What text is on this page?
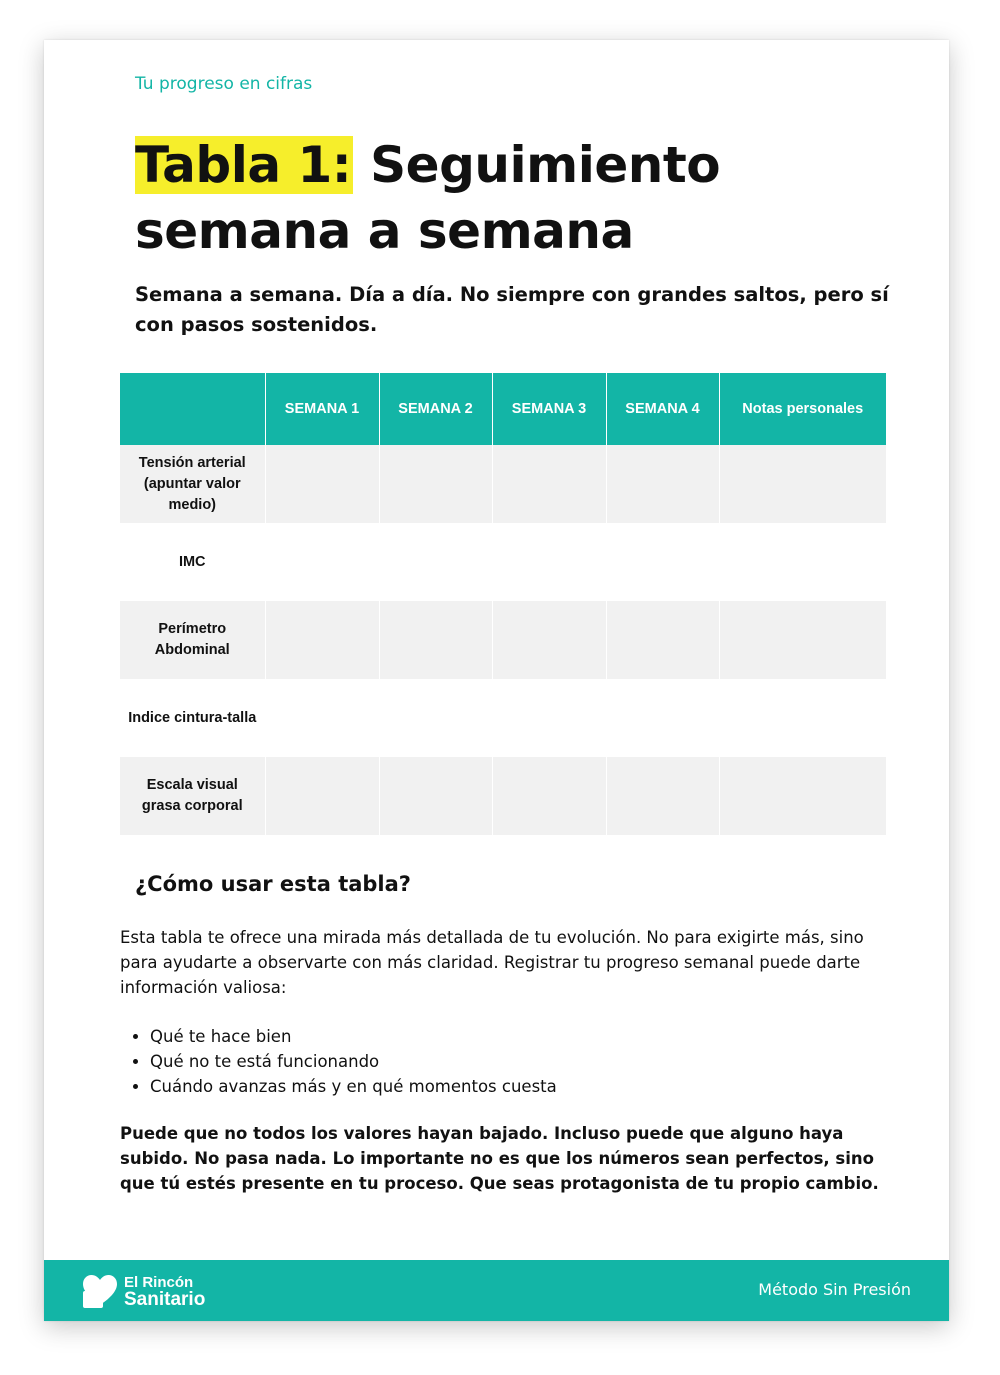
Tu progreso en cifras
Tabla 1: Seguimiento semana a semana
Semana a semana. Día a día. No siempre con grandes saltos, pero sí con pasos sostenidos.
	SEMANA 1	SEMANA 2	SEMANA 3	SEMANA 4	Notas personales
Tensión arterial (apuntar valor medio)					
IMC					
Perímetro Abdominal					
Indice cintura-talla					
Escala visual grasa corporal					
¿Cómo usar esta tabla?

Esta tabla te ofrece una mirada más detallada de tu evolución. No para exigirte más, sino para ayudarte a observarte con más claridad. Registrar tu progreso semanal puede darte información valiosa:

• Qué te hace bien
• Qué no te está funcionando
• Cuándo avanzas más y en qué momentos cuesta

Puede que no todos los valores hayan bajado. Incluso puede que alguno haya subido. No pasa nada. Lo importante no es que los números sean perfectos, sino que tú estés presente en tu proceso. Que seas protagonista de tu propio cambio.

El Rincón
Sanitario	Método Sin Presión
